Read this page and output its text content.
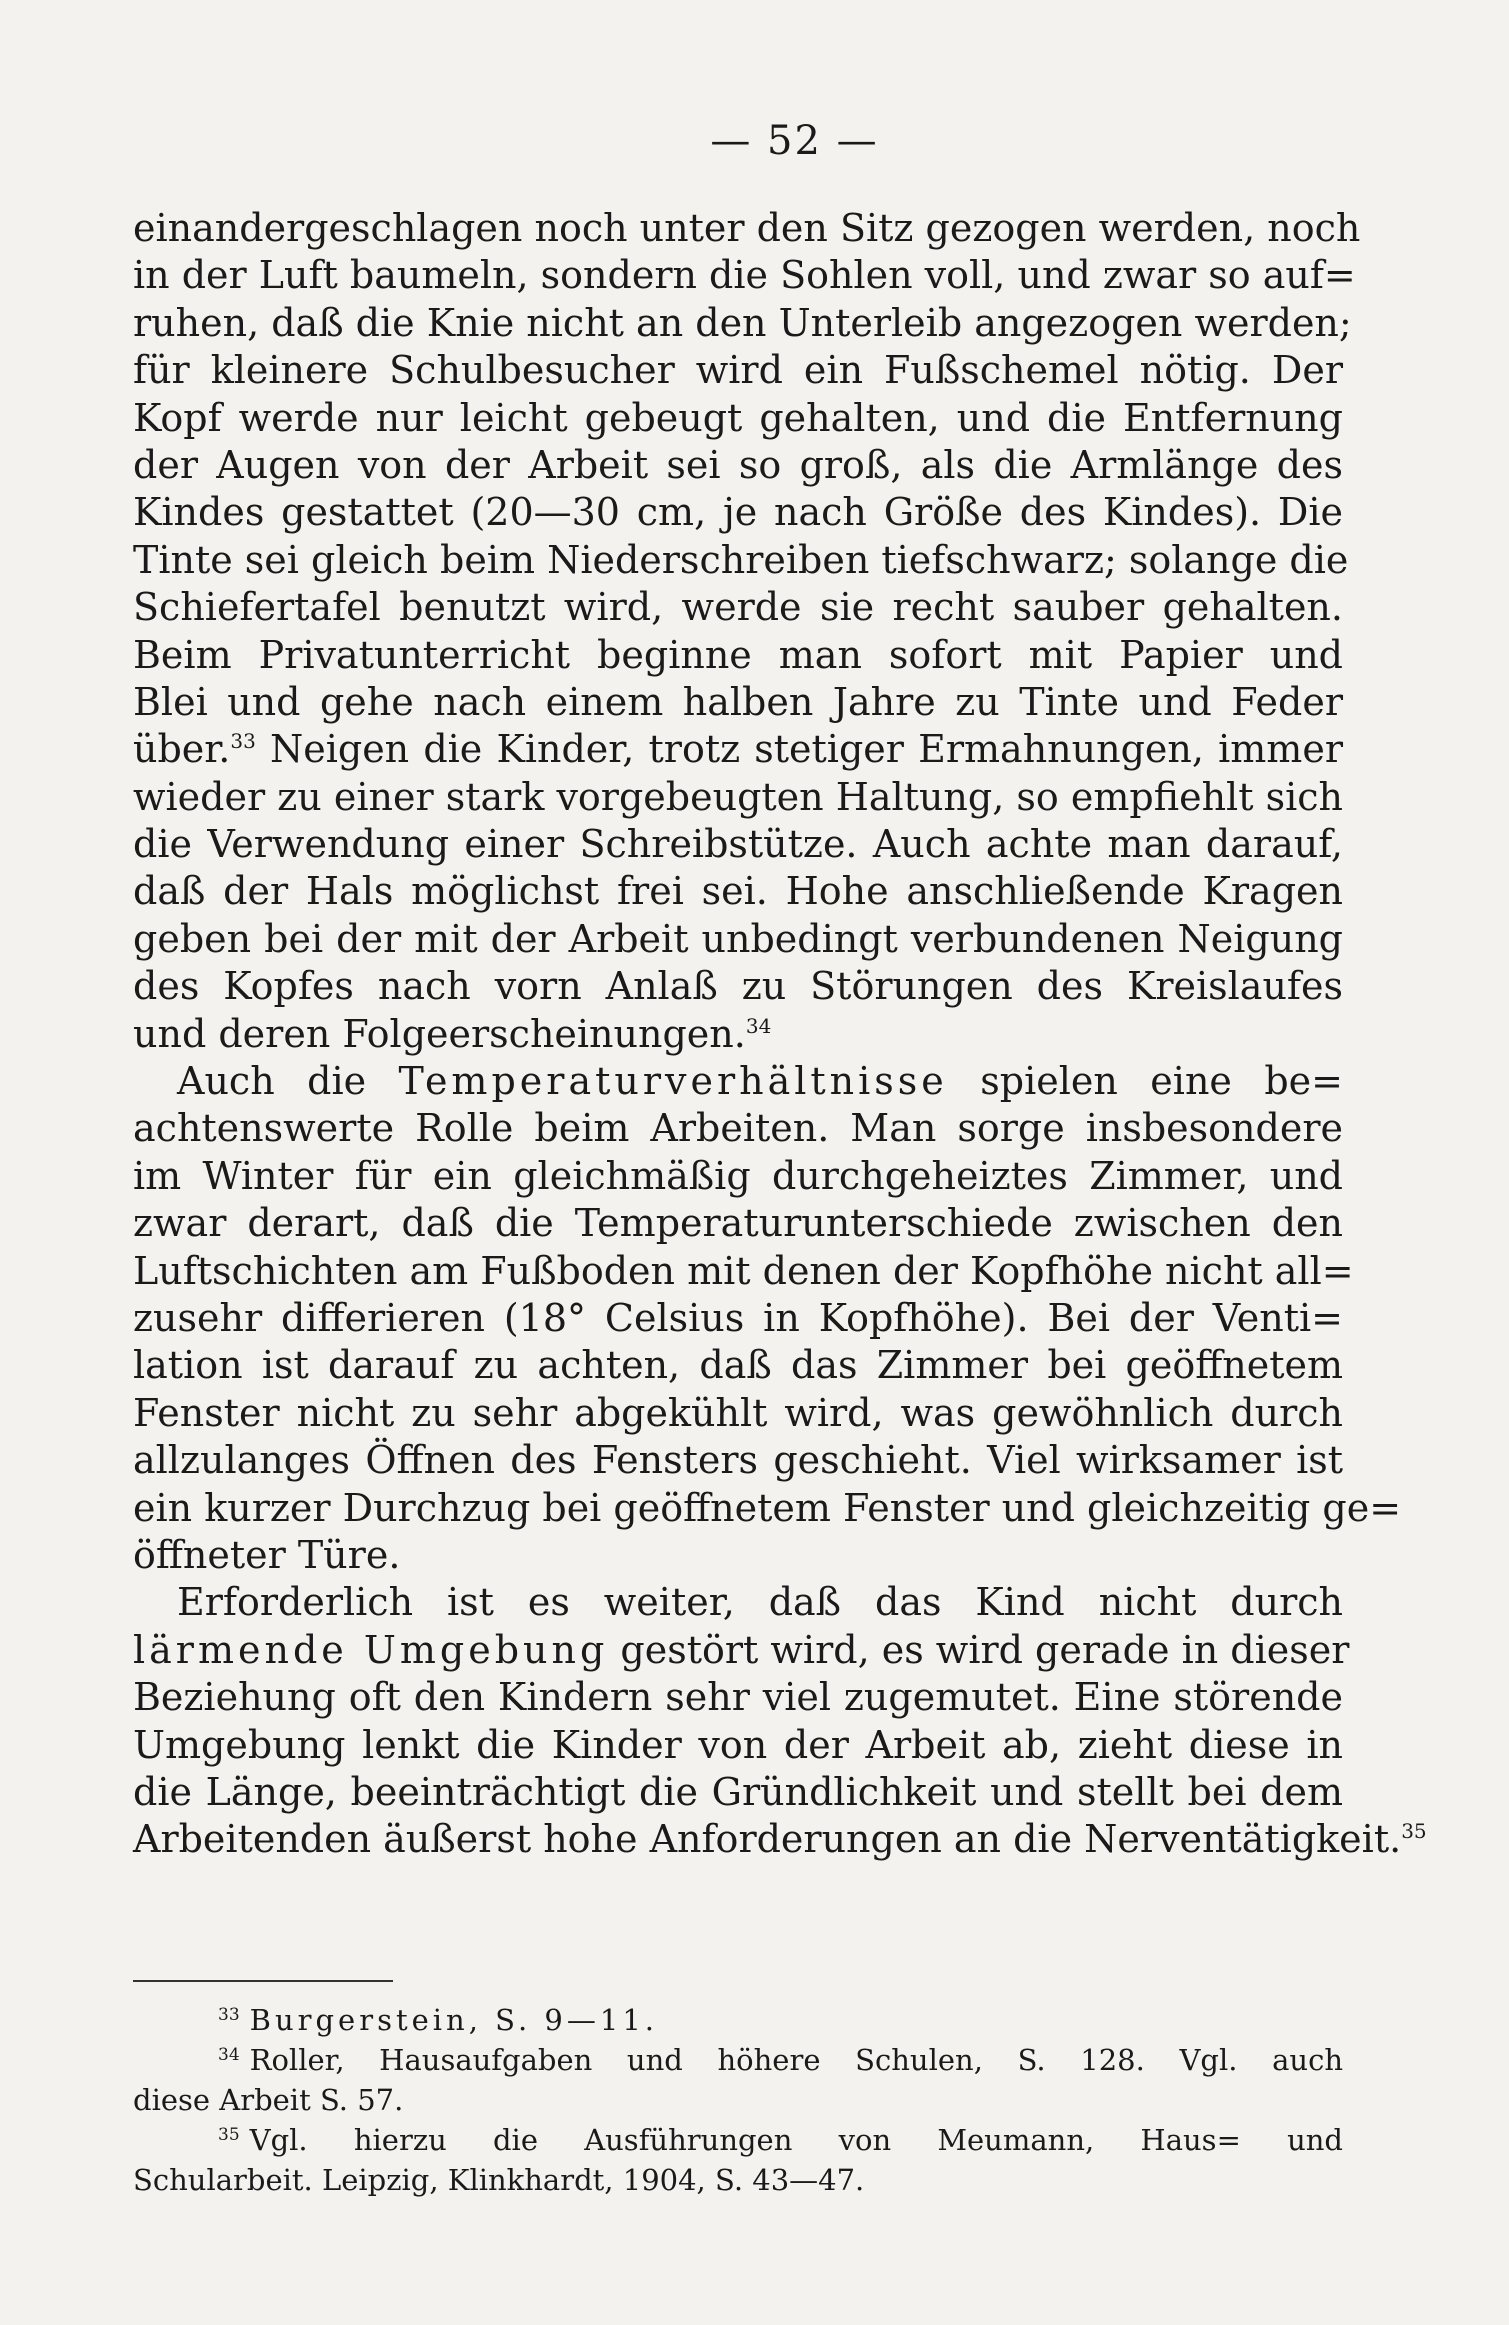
— 52 —
einandergeschlagen noch unter den Sitz gezogen werden, noch
in der Luft baumeln, sondern die Sohlen voll, und zwar so auf=
ruhen, daß die Knie nicht an den Unterleib angezogen werden;
für kleinere Schulbesucher wird ein Fußschemel nötig. Der
Kopf werde nur leicht gebeugt gehalten, und die Entfernung
der Augen von der Arbeit sei so groß, als die Armlänge des
Kindes gestattet (20—30 cm, je nach Größe des Kindes). Die
Tinte sei gleich beim Niederschreiben tiefschwarz; solange die
Schiefertafel benutzt wird, werde sie recht sauber gehalten.
Beim Privatunterricht beginne man sofort mit Papier und
Blei und gehe nach einem halben Jahre zu Tinte und Feder
über.$^{33}$ Neigen die Kinder, trotz stetiger Ermahnungen, immer
wieder zu einer stark vorgebeugten Haltung, so empfiehlt sich
die Verwendung einer Schreibstütze. Auch achte man darauf,
daß der Hals möglichst frei sei. Hohe anschließende Kragen
geben bei der mit der Arbeit unbedingt verbundenen Neigung
des Kopfes nach vorn Anlaß zu Störungen des Kreislaufes
und deren Folgeerscheinungen.$^{34}$
Auch die Temperaturverhältnisse spielen eine be=
achtenswerte Rolle beim Arbeiten. Man sorge insbesondere
im Winter für ein gleichmäßig durchgeheiztes Zimmer, und
zwar derart, daß die Temperaturunterschiede zwischen den
Luftschichten am Fußboden mit denen der Kopfhöhe nicht all=
zusehr differieren (18° Celsius in Kopfhöhe). Bei der Venti=
lation ist darauf zu achten, daß das Zimmer bei geöffnetem
Fenster nicht zu sehr abgekühlt wird, was gewöhnlich durch
allzulanges Öffnen des Fensters geschieht. Viel wirksamer ist
ein kurzer Durchzug bei geöffnetem Fenster und gleichzeitig ge=
öffneter Türe.
Erforderlich ist es weiter, daß das Kind nicht durch
lärmende Umgebung gestört wird, es wird gerade in dieser
Beziehung oft den Kindern sehr viel zugemutet. Eine störende
Umgebung lenkt die Kinder von der Arbeit ab, zieht diese in
die Länge, beeinträchtigt die Gründlichkeit und stellt bei dem
Arbeitenden äußerst hohe Anforderungen an die Nerventätigkeit.$^{35}$
$^{33}$ Burgerstein, S. 9—11.
$^{34}$ Roller, Hausaufgaben und höhere Schulen, S. 128. Vgl. auch
diese Arbeit S. 57.
$^{35}$ Vgl. hierzu die Ausführungen von Meumann, Haus= und
Schularbeit. Leipzig, Klinkhardt, 1904, S. 43—47.
